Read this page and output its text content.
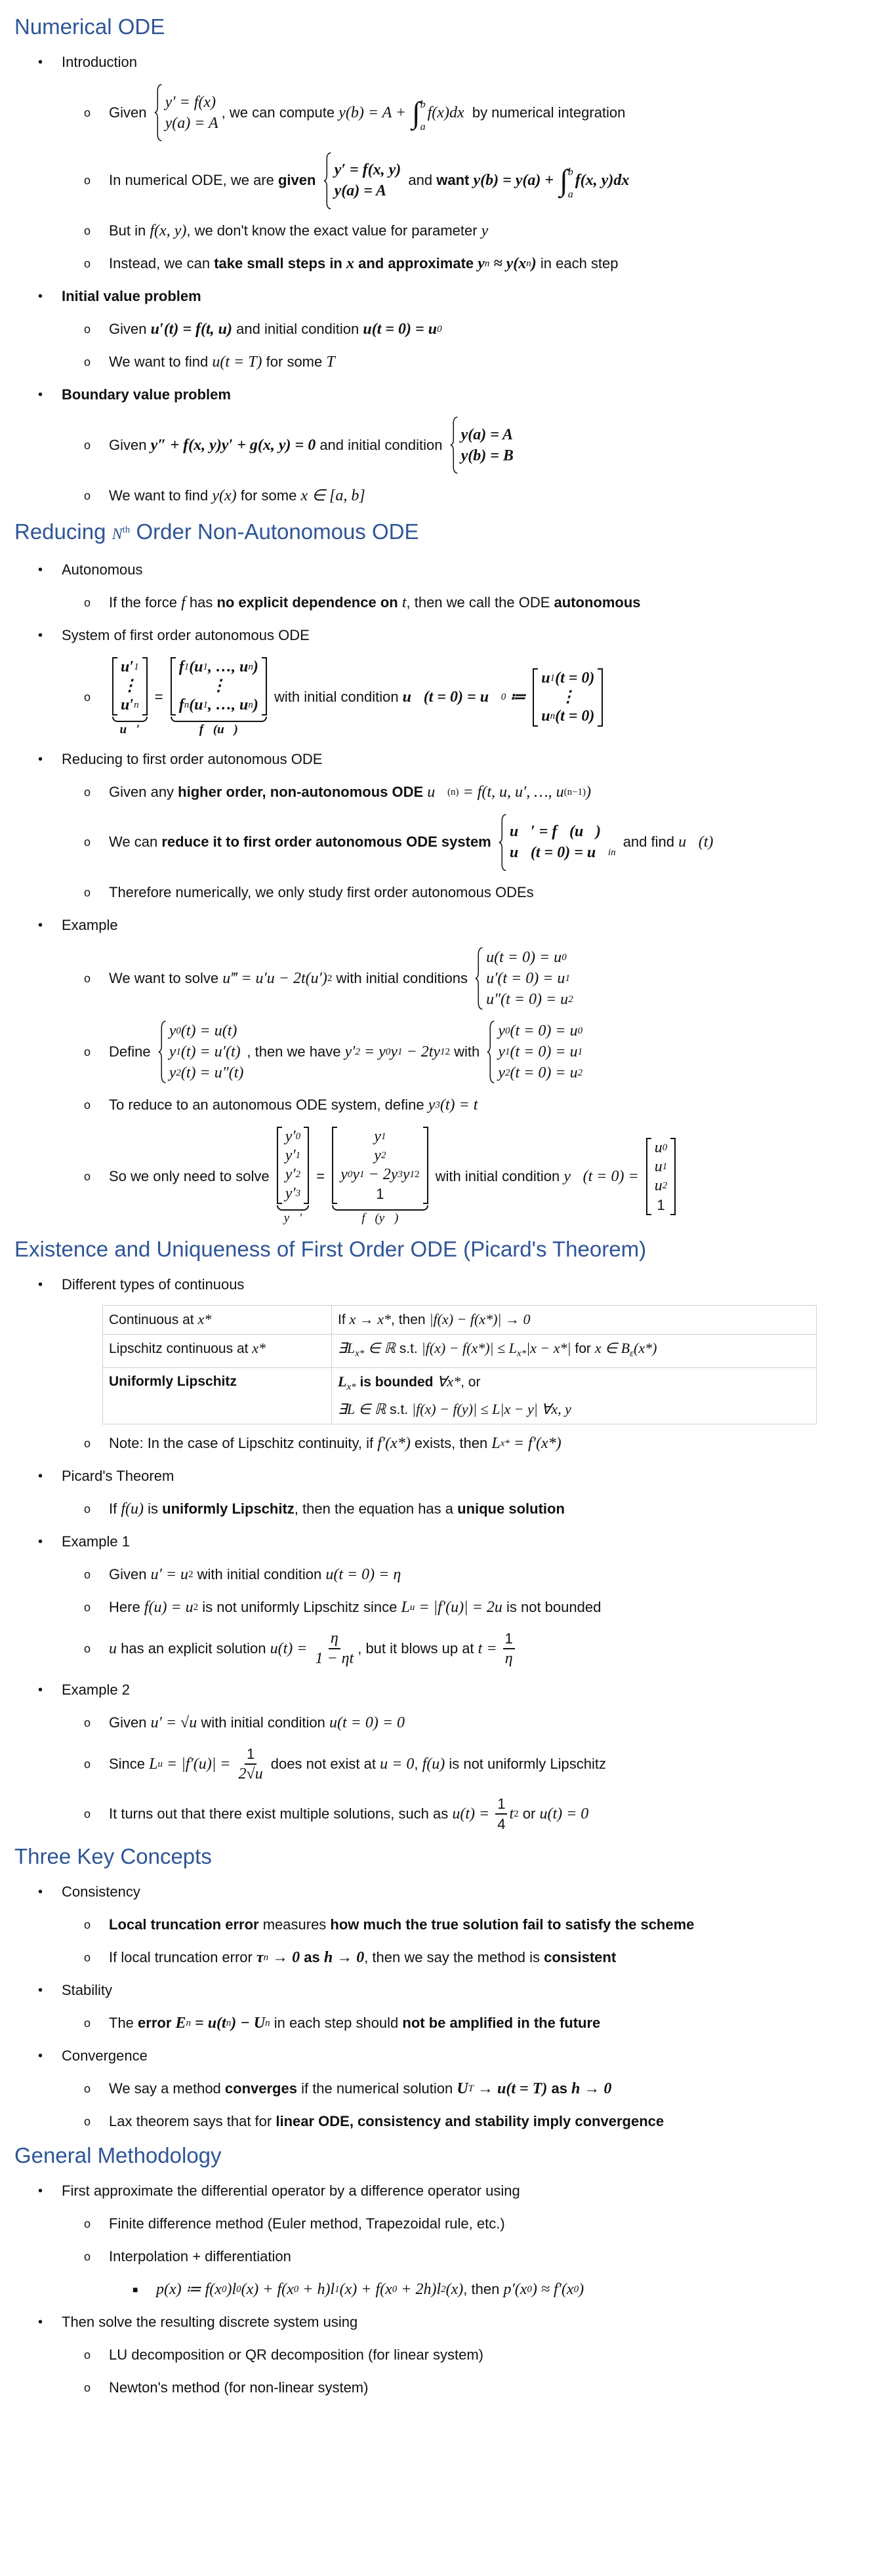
Numerical ODE
• Introduction
o Given
y′ = f(x)
y(a) = A
, we can compute y(b) = A + ∫ b
a
f(x)dx by numerical integration
o In numerical ODE, we are given
y′ = f(x, y)
y(a) = A
and want y(b) = y(a) + ∫ b
a
f(x, y)dx
o But in f(x, y) , we don't know the exact value for parameter y
o Instead, we can take small steps in x and approximate y n ≈ y(x n ) in each step
• Initial value problem
o Given u′(t) = f(t, u) and initial condition u(t = 0) = u 0
o We want to find u(t = T) for some T
• Boundary value problem
o Given y″ + f(x, y)y′ + g(x, y) = 0 and initial condition
y(a) = A
y(b) = B
o We want to find y(x) for some x ∈ [a, b]
Reducing $N^{th}$ Order Non-Autonomous ODE
• Autonomous
o If the force f has no explicit dependence on t , then we call the ODE autonomous
• System of first order autonomous ODE
o
u′ 1
⋮
u′ n
u⃗′
=
f 1 (u 1 , …, u n )
⋮
f n (u 1 , …, u n )
f⃗(u⃗)
with initial condition u⃗(t = 0) = u⃗ 0 ≔
u 1 (t = 0)
⋮
u n (t = 0)
• Reducing to first order autonomous ODE
o Given any higher order, non-autonomous ODE u⃗ (n) = f(t, u, u′, …, u (n−1) )
o We can reduce it to first order autonomous ODE system
u⃗′ = f⃗(u⃗)
u⃗(t = 0) = u⃗ in
and find u⃗(t)
o Therefore numerically, we only study first order autonomous ODEs
• Example
o We want to solve u‴ = u′u − 2t(u′) 2 with initial conditions
u(t = 0) = u 0
u′(t = 0) = u 1
u″(t = 0) = u 2
o Define
y 0 (t) = u(t)
y 1 (t) = u′(t)
y 2 (t) = u″(t)
, then we have y′ 2 = y 0 y 1 − 2ty 1 2 with
y 0 (t = 0) = u 0
y 1 (t = 0) = u 1
y 2 (t = 0) = u 2
o To reduce to an autonomous ODE system, define y 3 (t) = t
o So we only need to solve
y′ 0
y′ 1
y′ 2
y′ 3
y⃗′
=
y 1
y 2
y 0 y 1 − 2y 3 y 1 2
1
f⃗(y⃗)
with initial condition y⃗(t = 0) =
u 0
u 1
u 2
1
Existence and Uniqueness of First Order ODE (Picard's Theorem)
• Different types of continuous
Continuous at x*	If x → x*, then |f(x) − f(x*)| → 0
Lipschitz continuous at x*	$\exists L_{x*}$ ∈ ℝ s.t. $|f(x) - f(x*)| \le L_{x*}|x - x*|$ for x ∈ $B_\varepsilon(x*)$
Uniformly Lipschitz	$L_{x*}$ is bounded ∀x*, or
∃L ∈ ℝ s.t. |f(x) − f(y)| ≤ L|x − y| ∀x, y
o Note: In the case of Lipschitz continuity, if f′(x*) exists, then L x* = f′(x*)
• Picard's Theorem
o If f(u) is uniformly Lipschitz , then the equation has a unique solution
• Example 1
o Given u′ = u 2 with initial condition u(t = 0) = η
o Here f(u) = u 2 is not uniformly Lipschitz since L u = |f′(u)| = 2u is not bounded
o u has an explicit solution $u(t) = \frac{\eta}{1 - \eta t}$ , but it blows up at $t = \frac{1}{\eta}$
• Example 2
o Given u′ = √u with initial condition u(t = 0) = 0
o Since L $u = |f'(u)| = \frac{1}{2√u}$ does not exist at u = 0 , f(u) is not uniformly Lipschitz
o It turns out that there exist multiple solutions, such as $u(t) = \frac{1}{4}$ t 2 or u(t) = 0
Three Key Concepts
• Consistency
o Local truncation error measures how much the true solution fail to satisfy the scheme
o If local truncation error τ n → 0 as h → 0 , then we say the method is consistent
• Stability
o The error E n = u(t n ) − U n in each step should not be amplified in the future
• Convergence
o We say a method converges if the numerical solution U T → u(t = T) as h → 0
o Lax theorem says that for linear ODE, consistency and stability imply convergence
General Methodology
• First approximate the differential operator by a difference operator using
o Finite difference method (Euler method, Trapezoidal rule, etc.)
o Interpolation + differentiation
■ p(x) ≔ f(x 0 )l 0 (x) + f(x 0 + h)l 1 (x) + f(x 0 + 2h)l 2 (x) , then p′(x 0 ) ≈ f′(x 0 )
• Then solve the resulting discrete system using
o LU decomposition or QR decomposition (for linear system)
o Newton's method (for non-linear system)
